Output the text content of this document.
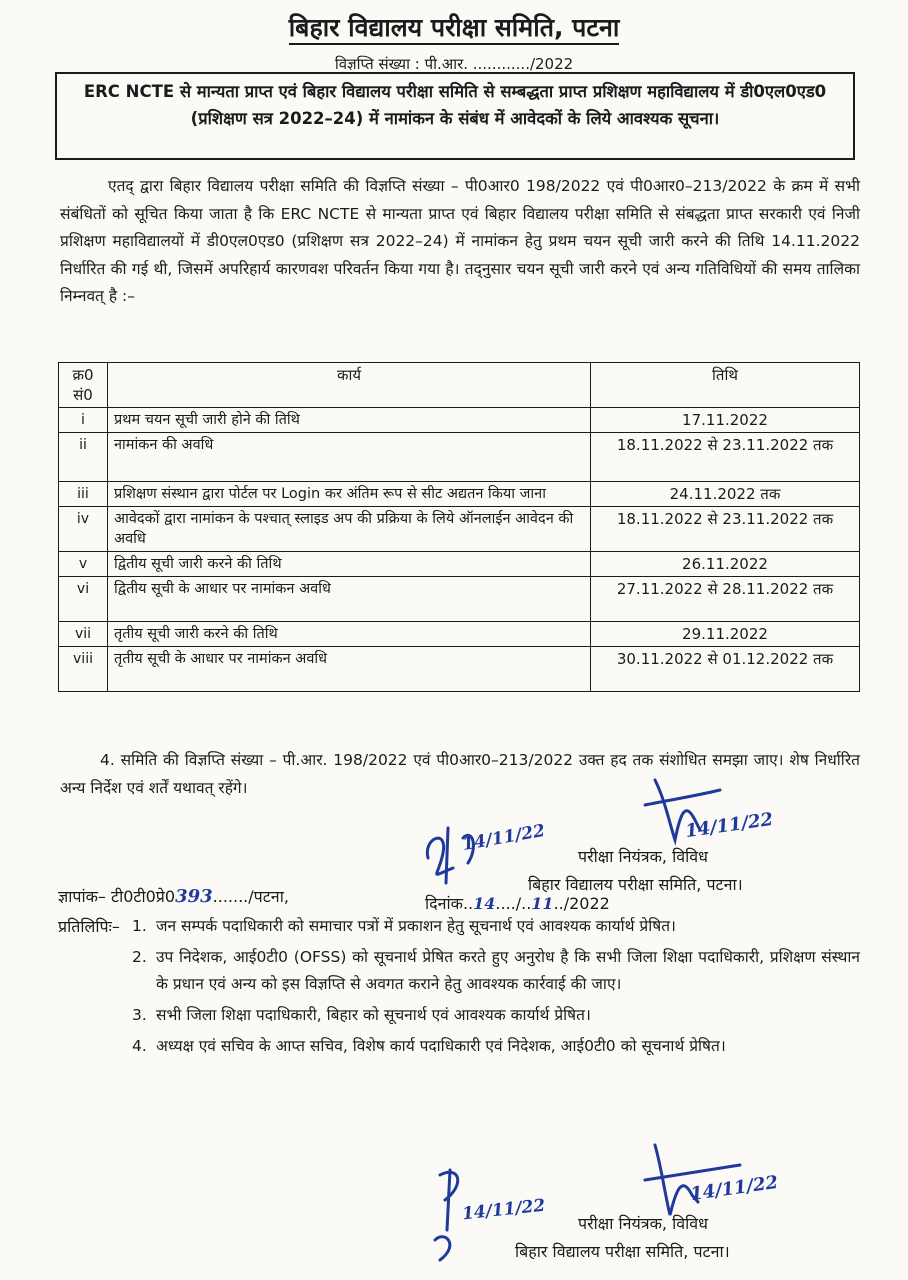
बिहार विद्यालय परीक्षा समिति, पटना
विज्ञप्ति संख्या : पी.आर. ............/2022
ERC NCTE से मान्यता प्राप्त एवं बिहार विद्यालय परीक्षा समिति से सम्बद्धता प्राप्त प्रशिक्षण महाविद्यालय में डी0एल0एड0 (प्रशिक्षण सत्र 2022–24) में नामांकन के संबंध में आवेदकों के लिये आवश्यक सूचना।
एतद् द्वारा बिहार विद्यालय परीक्षा समिति की विज्ञप्ति संख्या – पी0आर0 198/2022 एवं पी0आर0–213/2022 के क्रम में सभी संबंधितों को सूचित किया जाता है कि ERC NCTE से मान्यता प्राप्त एवं बिहार विद्यालय परीक्षा समिति से संबद्धता प्राप्त सरकारी एवं निजी प्रशिक्षण महाविद्यालयों में डी0एल0एड0 (प्रशिक्षण सत्र 2022–24) में नामांकन हेतु प्रथम चयन सूची जारी करने की तिथि 14.11.2022 निर्धारित की गई थी, जिसमें अपरिहार्य कारणवश परिवर्तन किया गया है। तद्नुसार चयन सूची जारी करने एवं अन्य गतिविधियों की समय तालिका निम्नवत् है :–
क्र0 सं0	कार्य	तिथि
i	प्रथम चयन सूची जारी होने की तिथि	17.11.2022
ii	नामांकन की अवधि	18.11.2022 से 23.11.2022 तक
iii	प्रशिक्षण संस्थान द्वारा पोर्टल पर Login कर अंतिम रूप से सीट अद्यतन किया जाना	24.11.2022 तक
iv	आवेदकों द्वारा नामांकन के पश्चात् स्लाइड अप की प्रक्रिया के लिये ऑनलाईन आवेदन की अवधि	18.11.2022 से 23.11.2022 तक
v	द्वितीय सूची जारी करने की तिथि	26.11.2022
vi	द्वितीय सूची के आधार पर नामांकन अवधि	27.11.2022 से 28.11.2022 तक
vii	तृतीय सूची जारी करने की तिथि	29.11.2022
viii	तृतीय सूची के आधार पर नामांकन अवधि	30.11.2022 से 01.12.2022 तक
4. समिति की विज्ञप्ति संख्या – पी.आर. 198/2022 एवं पी0आर0–213/2022 उक्त हद तक संशोधित समझा जाए। शेष निर्धारित अन्य निर्देश एवं शर्तें यथावत् रहेंगे।
14/11/22
14/11/22
परीक्षा नियंत्रक, विविध
बिहार विद्यालय परीक्षा समिति, पटना।
ज्ञापांक– टी0टी0प्रे0393......./पटना,	दिनांक..14..../..11../2022
प्रतिलिपिः– 1. जन सम्पर्क पदाधिकारी को समाचार पत्रों में प्रकाशन हेतु सूचनार्थ एवं आवश्यक कार्यार्थ प्रेषित।
2. उप निदेशक, आई0टी0 (OFSS) को सूचनार्थ प्रेषित करते हुए अनुरोध है कि सभी जिला शिक्षा पदाधिकारी, प्रशिक्षण संस्थान के प्रधान एवं अन्य को इस विज्ञप्ति से अवगत कराने हेतु आवश्यक कार्रवाई की जाए।
3. सभी जिला शिक्षा पदाधिकारी, बिहार को सूचनार्थ एवं आवश्यक कार्यार्थ प्रेषित।
4. अध्यक्ष एवं सचिव के आप्त सचिव, विशेष कार्य पदाधिकारी एवं निदेशक, आई0टी0 को सूचनार्थ प्रेषित।
14/11/22
14/11/22 परीक्षा नियंत्रक, विविध
बिहार विद्यालय परीक्षा समिति, पटना।
